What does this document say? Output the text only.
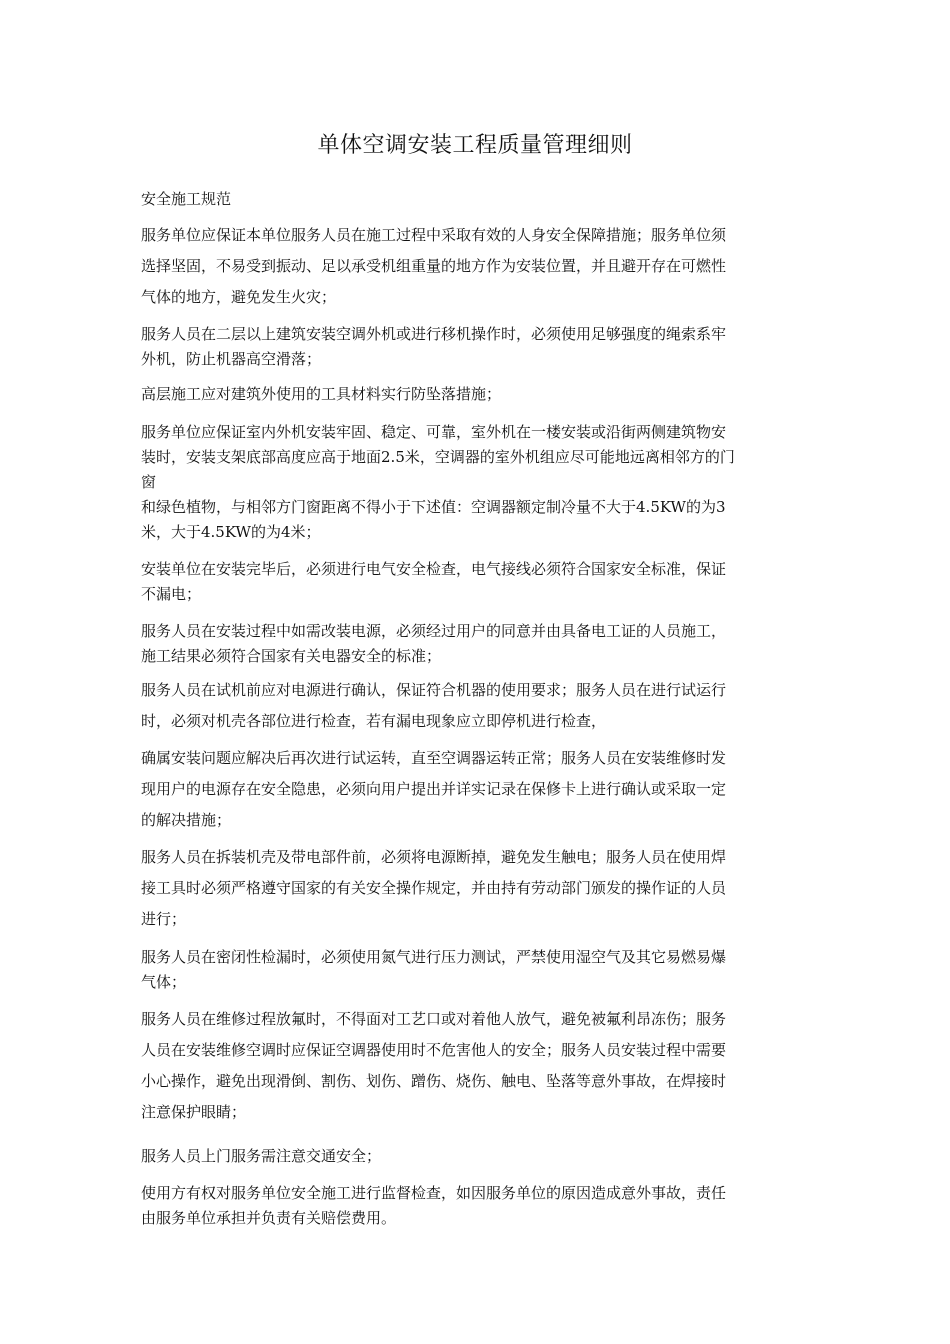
单体空调安装工程质量管理细则
安全施工规范

服务单位应保证本单位服务人员在施工过程中采取有效的人身安全保障措施；服务单位须

选择坚固，不易受到振动、足以承受机组重量的地方作为安装位置，并且避开存在可燃性

气体的地方，避免发生火灾；

服务人员在二层以上建筑安装空调外机或进行移机操作时，必须使用足够强度的绳索系牢

外机，防止机器高空滑落；

高层施工应对建筑外使用的工具材料实行防坠落措施；

服务单位应保证室内外机安装牢固、稳定、可靠，室外机在一楼安装或沿街两侧建筑物安

装时，安装支架底部高度应高于地面2.5米，空调器的室外机组应尽可能地远离相邻方的门

窗

和绿色植物，与相邻方门窗距离不得小于下述值：空调器额定制冷量不大于4.5KW的为3

米，大于4.5KW的为4米；

安装单位在安装完毕后，必须进行电气安全检查，电气接线必须符合国家安全标准，保证

不漏电；

服务人员在安装过程中如需改装电源，必须经过用户的同意并由具备电工证的人员施工，

施工结果必须符合国家有关电器安全的标准；

服务人员在试机前应对电源进行确认，保证符合机器的使用要求；服务人员在进行试运行

时，必须对机壳各部位进行检查，若有漏电现象应立即停机进行检查，

确属安装问题应解决后再次进行试运转，直至空调器运转正常；服务人员在安装维修时发

现用户的电源存在安全隐患，必须向用户提出并详实记录在保修卡上进行确认或采取一定

的解决措施；

服务人员在拆装机壳及带电部件前，必须将电源断掉，避免发生触电；服务人员在使用焊

接工具时必须严格遵守国家的有关安全操作规定，并由持有劳动部门颁发的操作证的人员

进行；

服务人员在密闭性检漏时，必须使用氮气进行压力测试，严禁使用湿空气及其它易燃易爆

气体；

服务人员在维修过程放氟时，不得面对工艺口或对着他人放气，避免被氟利昂冻伤；服务

人员在安装维修空调时应保证空调器使用时不危害他人的安全；服务人员安装过程中需要

小心操作，避免出现滑倒、割伤、划伤、蹭伤、烧伤、触电、坠落等意外事故，在焊接时

注意保护眼睛；

服务人员上门服务需注意交通安全；

使用方有权对服务单位安全施工进行监督检查，如因服务单位的原因造成意外事故，责任

由服务单位承担并负责有关赔偿费用。
